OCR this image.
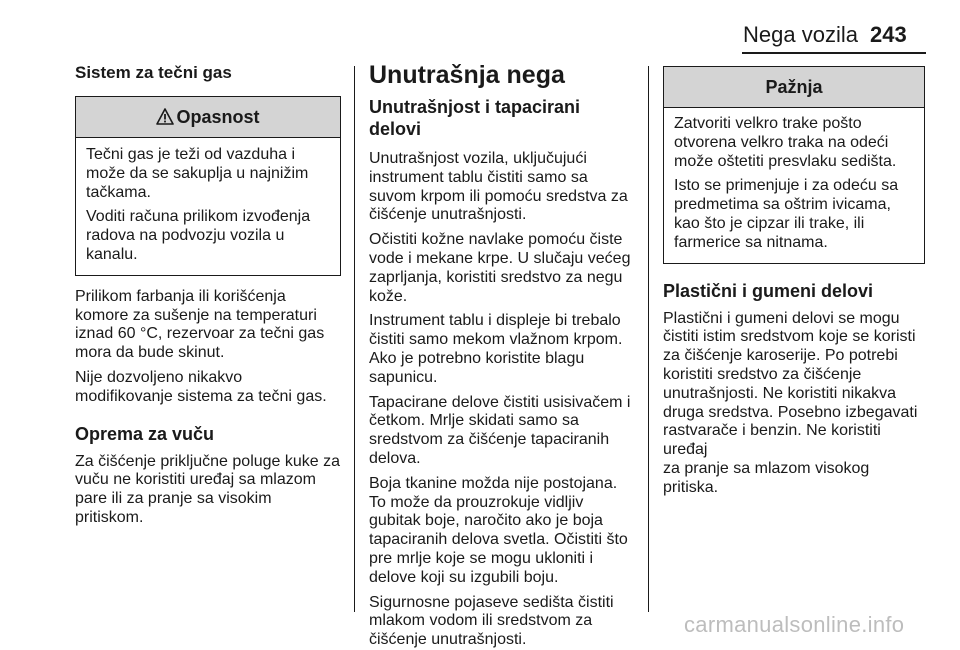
Nega vozila 243
Sistem za tečni gas
Opasnost

Tečni gas je teži od vazduha i
može da se sakuplja u najnižim
tačkama.

Voditi računa prilikom izvođenja
radova na podvozju vozila u
kanalu.

Prilikom farbanja ili korišćenja
komore za sušenje na temperaturi
iznad 60 °C, rezervoar za tečni gas
mora da bude skinut.

Nije dozvoljeno nikakvo
modifikovanje sistema za tečni gas.

Oprema za vuču

Za čišćenje priključne poluge kuke za
vuču ne koristiti uređaj sa mlazom
pare ili za pranje sa visokim pritiskom.

Unutrašnja nega
Unutrašnjost i tapacirani delovi

Unutrašnjost vozila, uključujući
instrument tablu čistiti samo sa
suvom krpom ili pomoću sredstva za
čišćenje unutrašnjosti.

Očistiti kožne navlake pomoću čiste
vode i mekane krpe. U slučaju većeg
zaprljanja, koristiti sredstvo za negu
kože.

Instrument tablu i displeje bi trebalo
čistiti samo mekom vlažnom krpom.
Ako je potrebno koristite blagu
sapunicu.

Tapacirane delove čistiti usisivačem i
četkom. Mrlje skidati samo sa
sredstvom za čišćenje tapaciranih
delova.

Boja tkanine možda nije postojana.
To može da prouzrokuje vidljiv
gubitak boje, naročito ako je boja
tapaciranih delova svetla. Očistiti što
pre mrlje koje se mogu ukloniti i
delove koji su izgubili boju.

Sigurnosne pojaseve sedišta čistiti
mlakom vodom ili sredstvom za
čišćenje unutrašnjosti.

Pažnja

Zatvoriti velkro trake pošto
otvorena velkro traka na odeći
može oštetiti presvlaku sedišta.

Isto se primenjuje i za odeću sa
predmetima sa oštrim ivicama,
kao što je cipzar ili trake, ili
farmerice sa nitnama.

Plastični i gumeni delovi

Plastični i gumeni delovi se mogu
čistiti istim sredstvom koje se koristi
za čišćenje karoserije. Po potrebi
koristiti sredstvo za čišćenje
unutrašnjosti. Ne koristiti nikakva
druga sredstva. Posebno izbegavati
rastvarače i benzin. Ne koristiti uređaj
za pranje sa mlazom visokog pritiska.

carmanualsonline.info
